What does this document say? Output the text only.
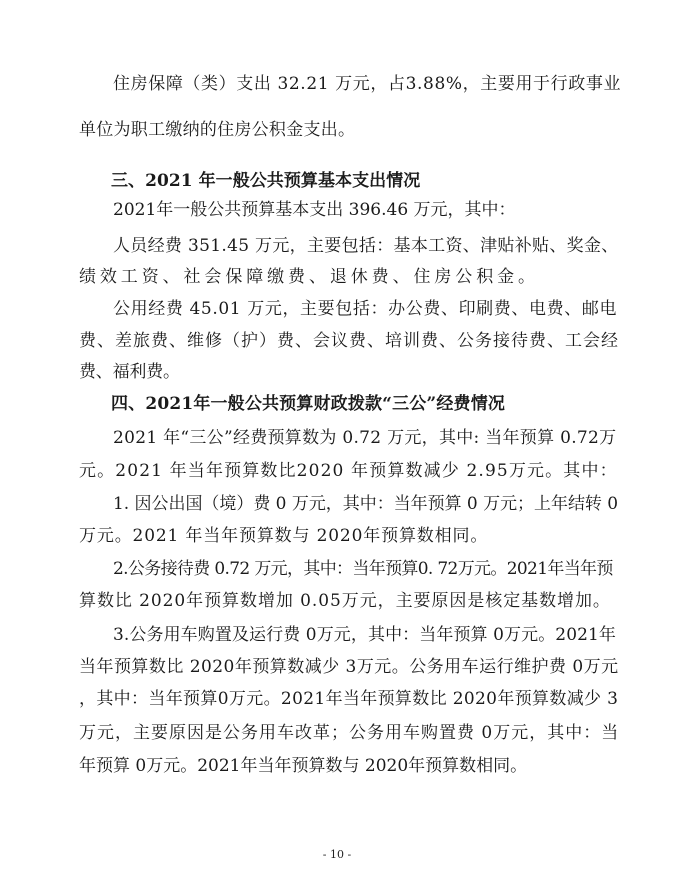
住房保障（类）支出 32.21 万元，占3.88%，主要用于行政事业
单位为职工缴纳的住房公积金支出。
三、2021 年一般公共预算基本支出情况
2021年一般公共预算基本支出 396.46 万元，其中：
人员经费 351.45 万元，主要包括：基本工资、津贴补贴、奖金、
绩效工资、社会保障缴费、退休费、住房公积金。
公用经费 45.01 万元，主要包括：办公费、印刷费、电费、邮电
费、差旅费、维修（护）费、会议费、培训费、公务接待费、工会经
费、福利费。
四、2021年一般公共预算财政拨款“三公”经费情况
2021 年“三公”经费预算数为 0.72 万元，其中: 当年预算 0.72万
元。2021 年当年预算数比2020 年预算数减少 2.95万元。其中：
1. 因公出国（境）费 0 万元，其中：当年预算 0 万元；上年结转 0
万元。2021 年当年预算数与 2020年预算数相同。
2.公务接待费 0.72 万元，其中：当年预算0. 72万元。2021年当年预
算数比 2020年预算数增加 0.05万元，主要原因是核定基数增加。
3.公务用车购置及运行费 0万元，其中：当年预算 0万元。2021年
当年预算数比 2020年预算数减少 3万元。公务用车运行维护费 0万元
，其中：当年预算0万元。2021年当年预算数比 2020年预算数减少 3
万元，主要原因是公务用车改革；公务用车购置费 0万元，其中：当
年预算 0万元。2021年当年预算数与 2020年预算数相同。
- 10 -
